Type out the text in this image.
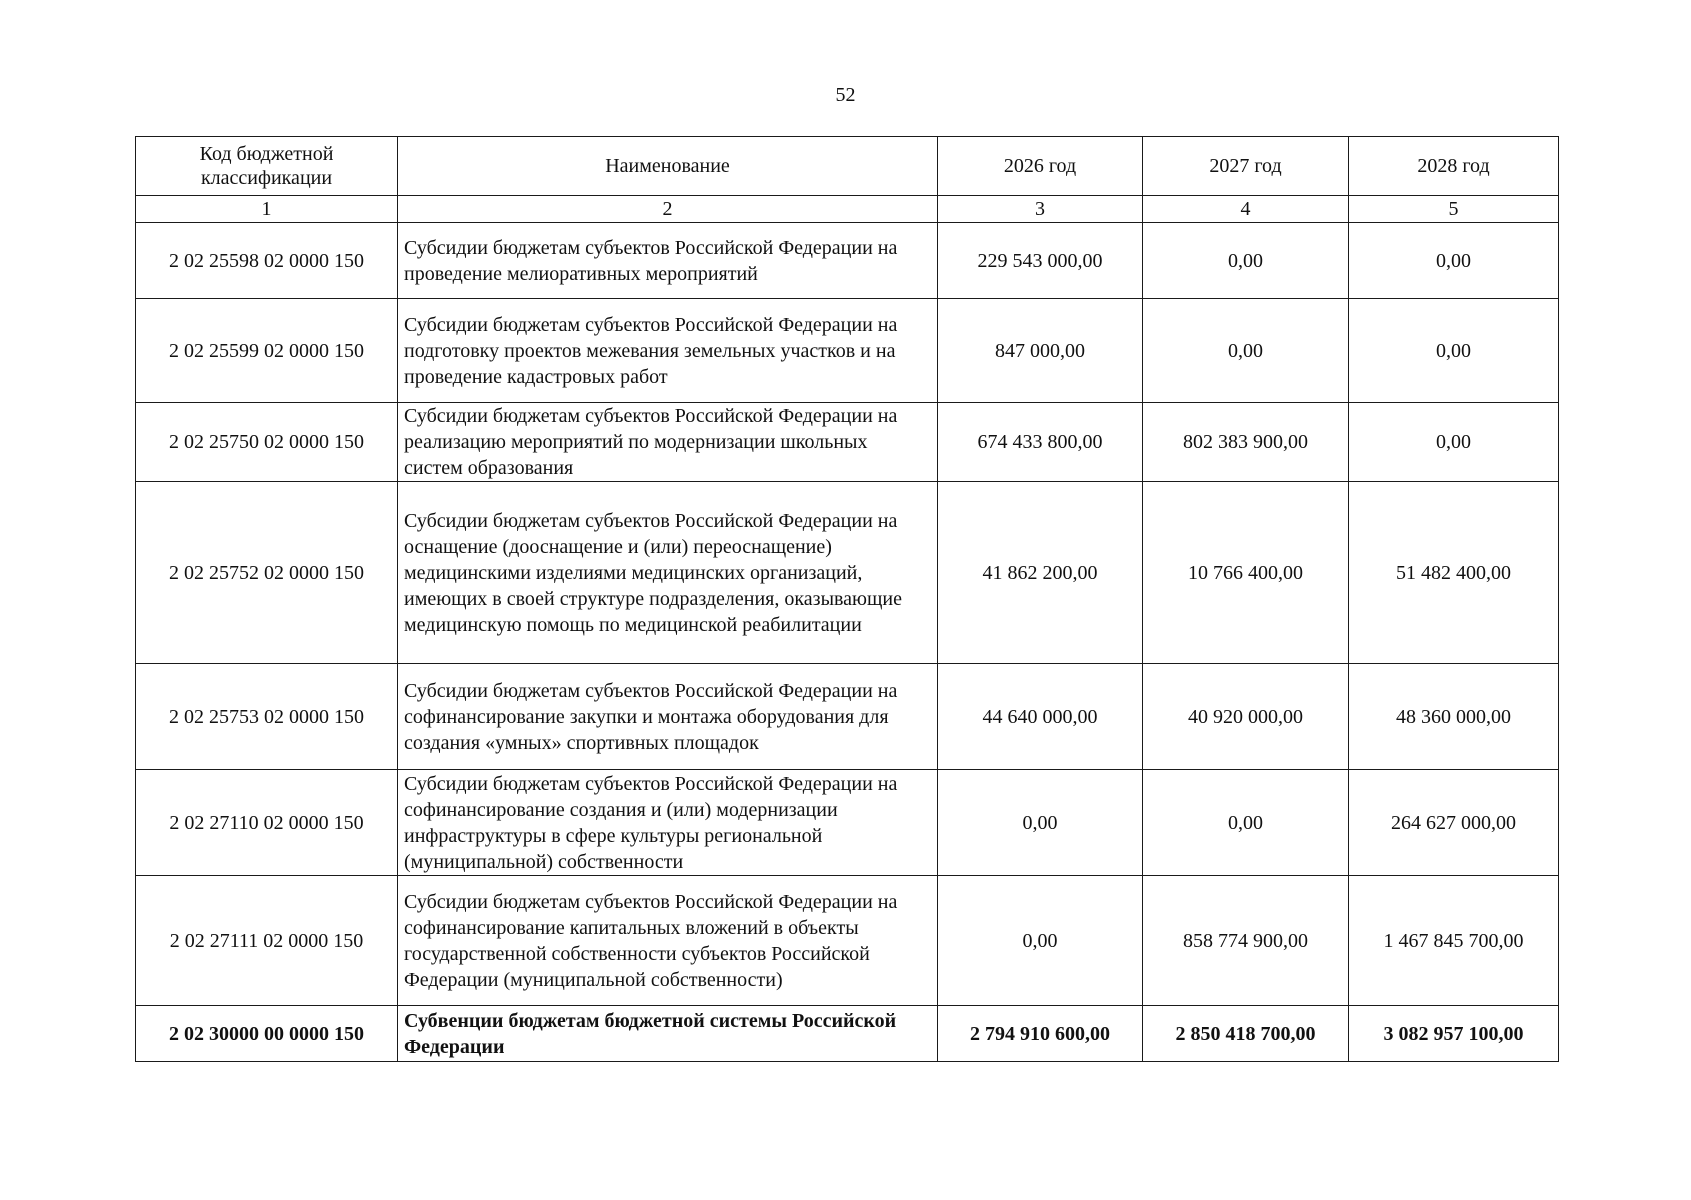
52
Код бюджетной классификации	Наименование	2026 год	2027 год	2028 год
1	2	3	4	5
2 02 25598 02 0000 150	Субсидии бюджетам субъектов Российской Федерации на проведение мелиоративных мероприятий	229 543 000,00	0,00	0,00
2 02 25599 02 0000 150	Субсидии бюджетам субъектов Российской Федерации на подготовку проектов межевания земельных участков и на проведение кадастровых работ	847 000,00	0,00	0,00
2 02 25750 02 0000 150	Субсидии бюджетам субъектов Российской Федерации на реализацию мероприятий по модернизации школьных систем образования	674 433 800,00	802 383 900,00	0,00
2 02 25752 02 0000 150	Субсидии бюджетам субъектов Российской Федерации на оснащение (дооснащение и (или) переоснащение) медицинскими изделиями медицинских организаций, имеющих в своей структуре подразделения, оказывающие медицинскую помощь по медицинской реабилитации	41 862 200,00	10 766 400,00	51 482 400,00
2 02 25753 02 0000 150	Субсидии бюджетам субъектов Российской Федерации на софинансирование закупки и монтажа оборудования для создания «умных» спортивных площадок	44 640 000,00	40 920 000,00	48 360 000,00
2 02 27110 02 0000 150	Субсидии бюджетам субъектов Российской Федерации на софинансирование создания и (или) модернизации инфраструктуры в сфере культуры региональной (муниципальной) собственности	0,00	0,00	264 627 000,00
2 02 27111 02 0000 150	Субсидии бюджетам субъектов Российской Федерации на софинансирование капитальных вложений в объекты государственной собственности субъектов Российской Федерации (муниципальной собственности)	0,00	858 774 900,00	1 467 845 700,00
2 02 30000 00 0000 150	Субвенции бюджетам бюджетной системы Российской Федерации	2 794 910 600,00	2 850 418 700,00	3 082 957 100,00
